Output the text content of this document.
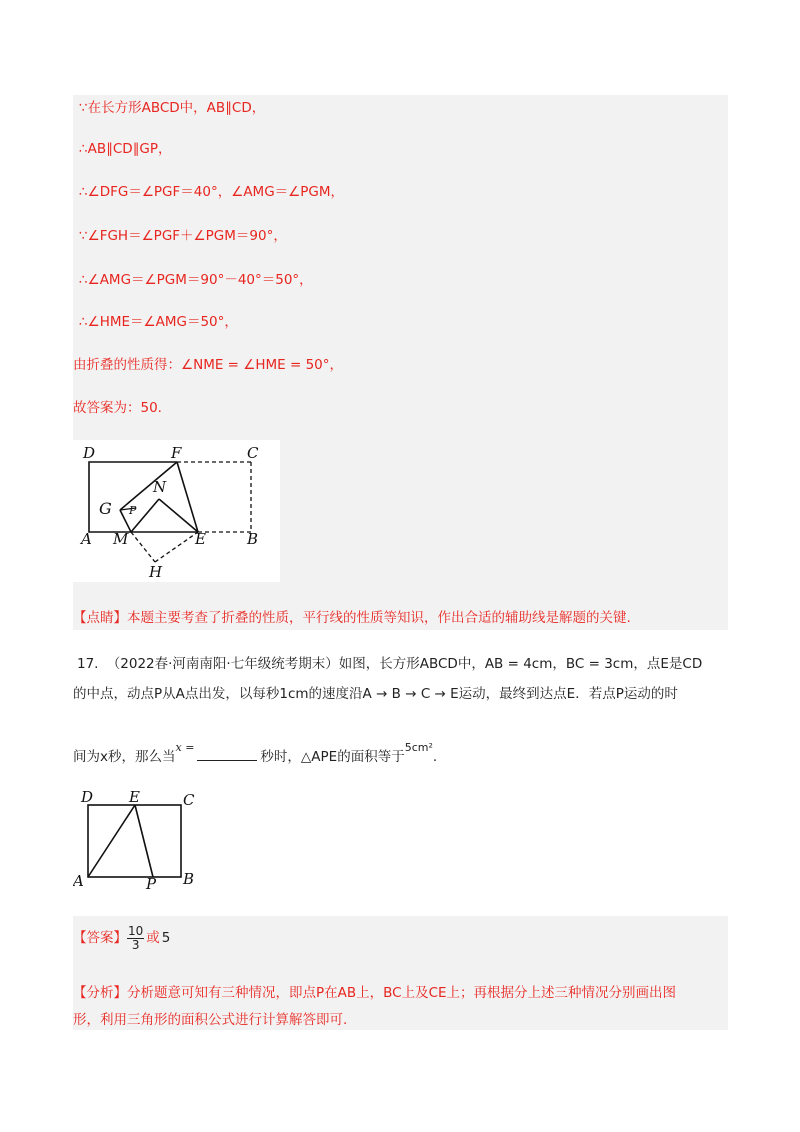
∵在长方形ABCD中，AB∥CD，
∴AB∥CD∥GP，
∴∠DFG＝∠PGF＝40°，∠AMG＝∠PGM，
∵∠FGH＝∠PGF＋∠PGM＝90°，
∴∠AMG＝∠PGM＝90°－40°＝50°，
∴∠HME＝∠AMG＝50°，
由折叠的性质得：∠NME = ∠HME = 50°，
故答案为：50.
D	F	C
N
G P
A M	E	B
H
【点睛】本题主要考查了折叠的性质，平行线的性质等知识，作出合适的辅助线是解题的关键.
17. （2022春·河南南阳·七年级统考期末）如图，长方形ABCD中，AB = 4cm，BC = 3cm，点E是CD
的中点，动点P从A点出发，以每秒1cm的速度沿A → B → C → E运动，最终到达点E．若点P运动的时
间为x秒，那么当$^{x =}$秒时，△APE的面积等于$^{5cm^2}$.
D E	C
A	P B
【答案】 $\frac{10}{3}$ 或 5
【分析】分析题意可知有三种情况，即点P在AB上，BC上及CE上；再根据分上述三种情况分别画出图
形，利用三角形的面积公式进行计算解答即可.
